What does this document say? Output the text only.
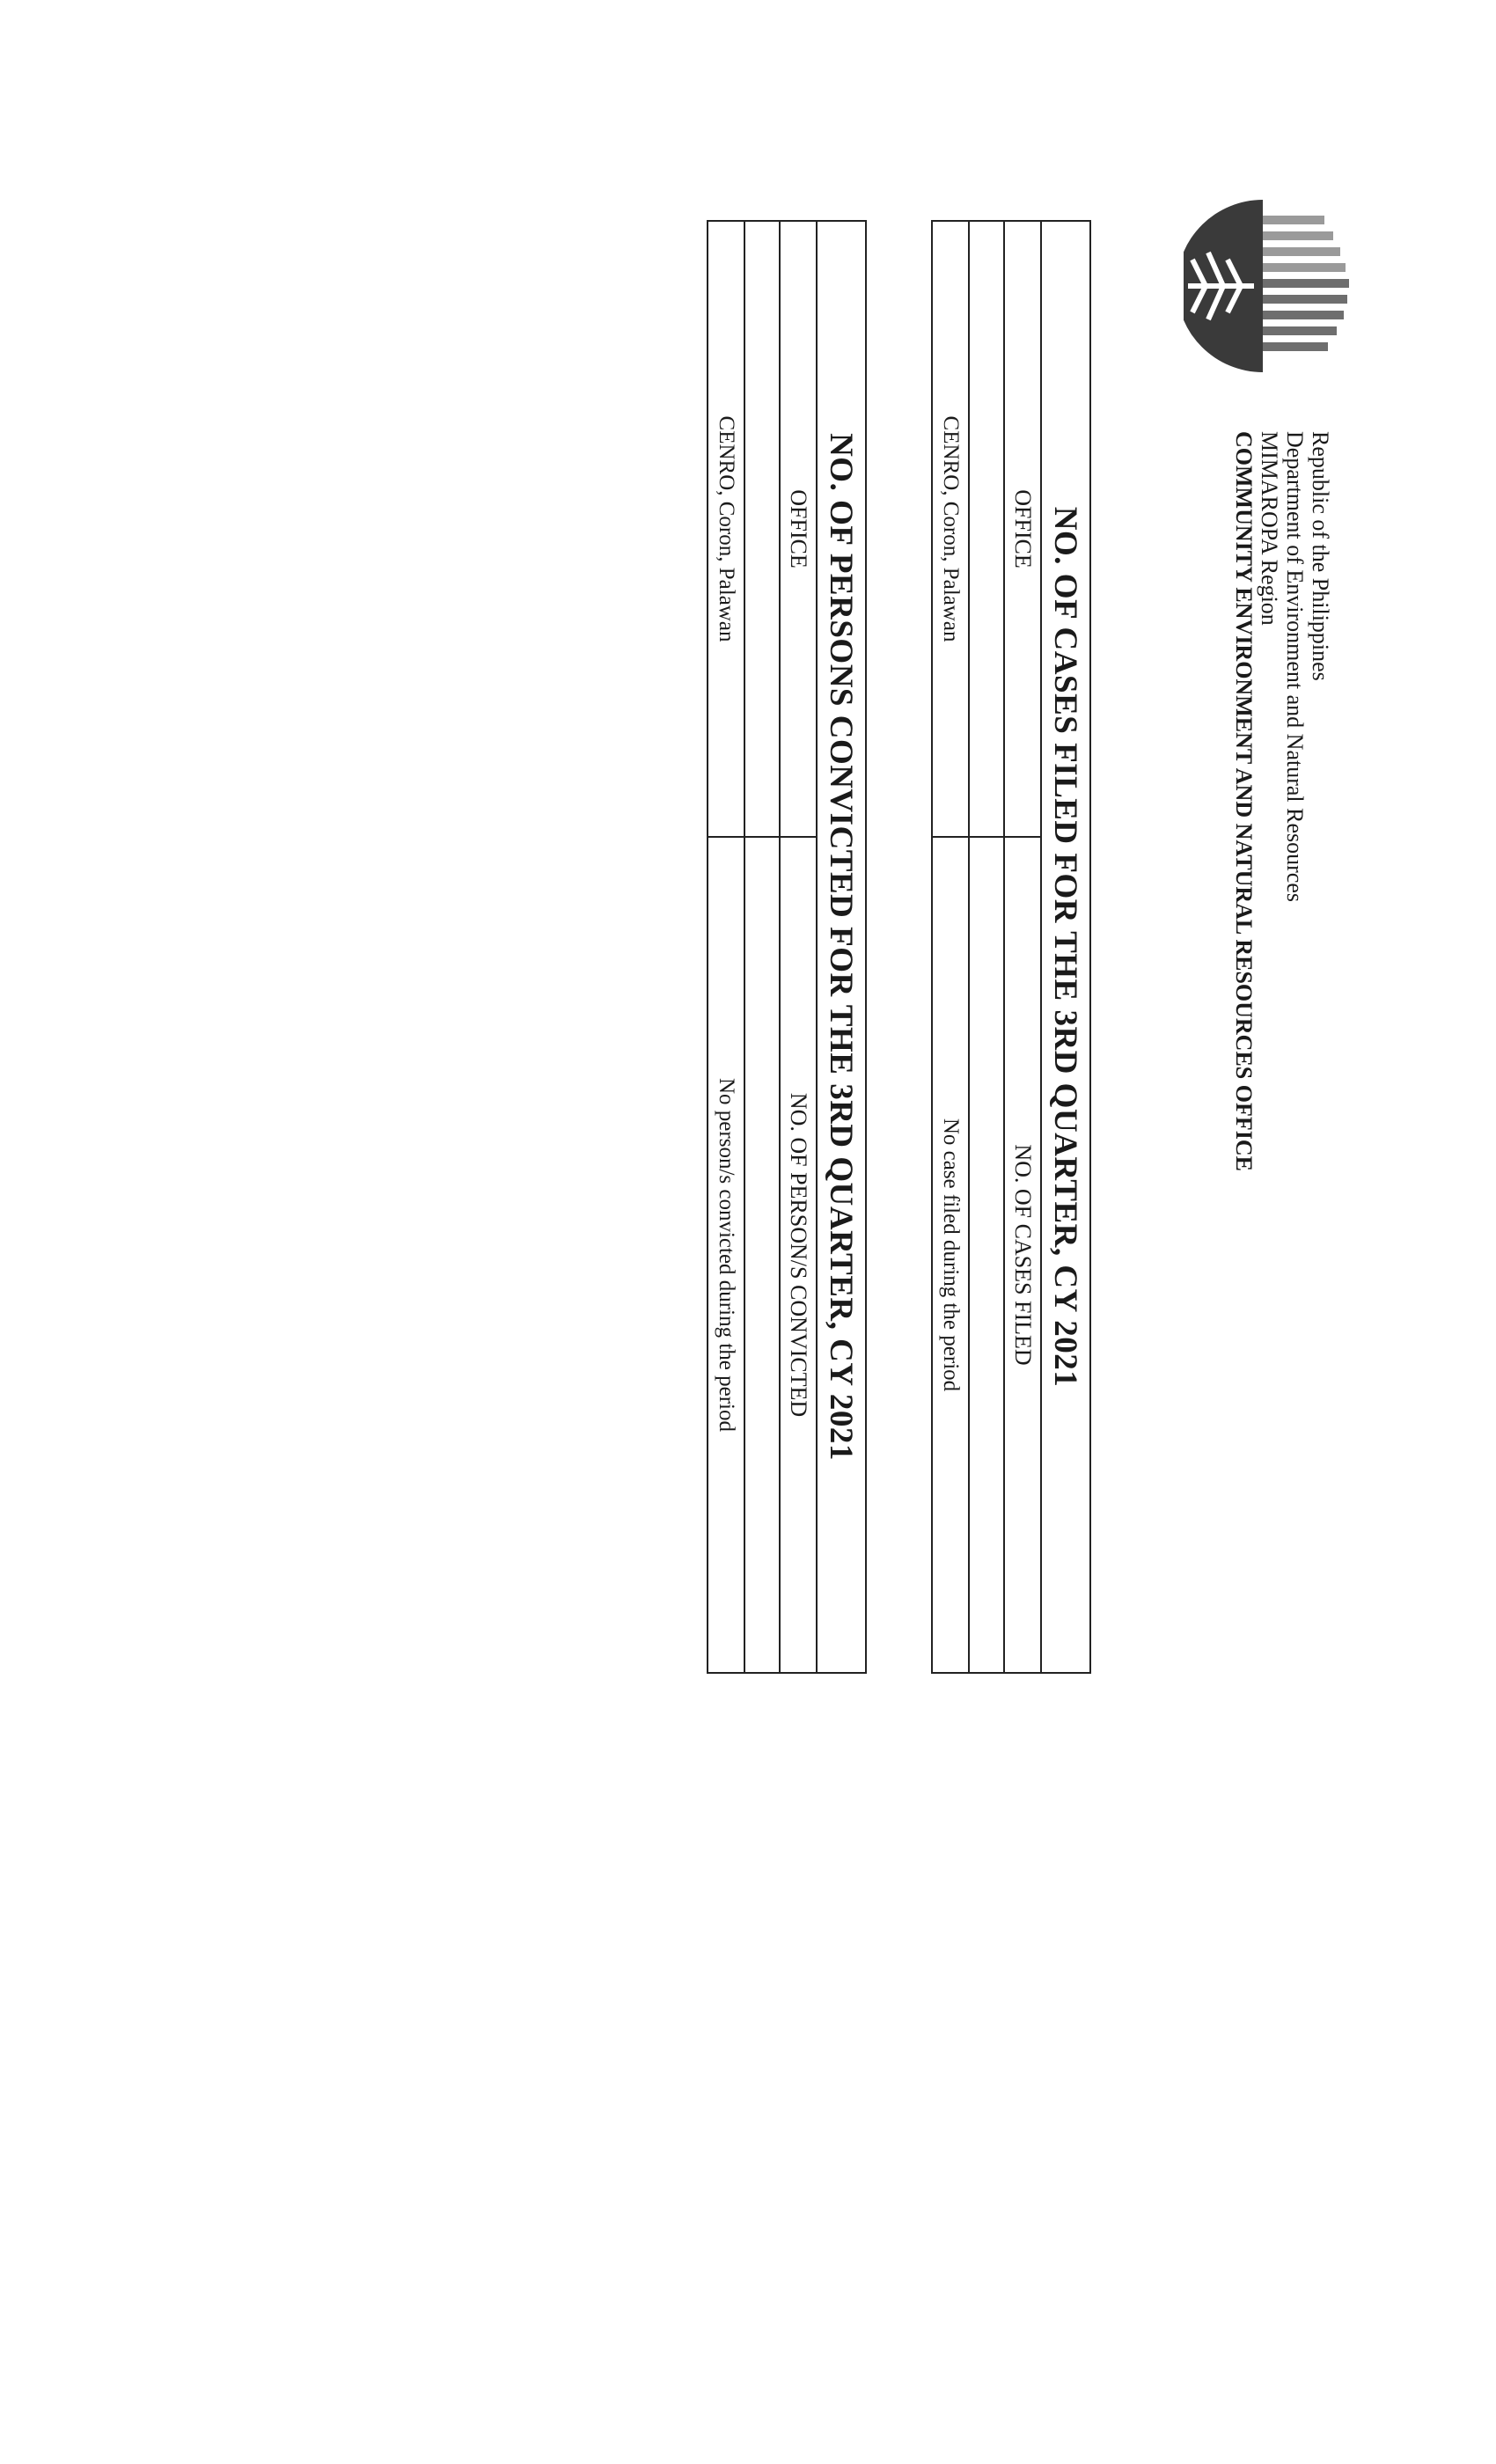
Republic of the Philippines
Department of Environment and Natural Resources
MIMAROPA Region
COMMUNITY ENVIRONMENT AND NATURAL RESOURCES OFFICE
NO. OF CASES FILED FOR THE 3RD QUARTER, CY 2021	
OFFICE	NO. OF CASES FILED

CENRO, Coron, Palawan	No case filed during the period
NO. OF PERSONS CONVICTED FOR THE 3RD QUARTER, CY 2021	
OFFICE	NO. OF PERSON/S CONVICTED

CENRO, Coron, Palawan	No person/s convicted during the period
